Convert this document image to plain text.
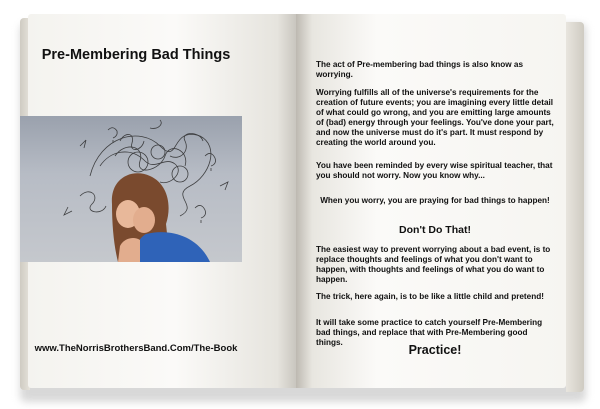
Pre-Membering Bad Things
www.TheNorrisBrothersBand.Com/The-Book
The act of Pre-membering bad things is also know as worrying.
Worrying fulfills all of the universe's requirements for the creation of future events; you are imagining every little detail of what could go wrong, and you are emitting large amounts of (bad) energy through your feelings. You've done your part, and now the universe must do it's part. It must respond by creating the world around you.
You have been reminded by every wise spiritual teacher, that you should not worry. Now you know why...
When you worry, you are praying for bad things to happen!
Don't Do That!
The easiest way to prevent worrying about a bad event, is to replace thoughts and feelings of what you don't want to happen, with thoughts and feelings of what you do want to happen.
The trick, here again, is to be like a little child and pretend!
It will take some practice to catch yourself Pre-Membering bad things, and replace that with Pre-Membering good things.
Practice!
